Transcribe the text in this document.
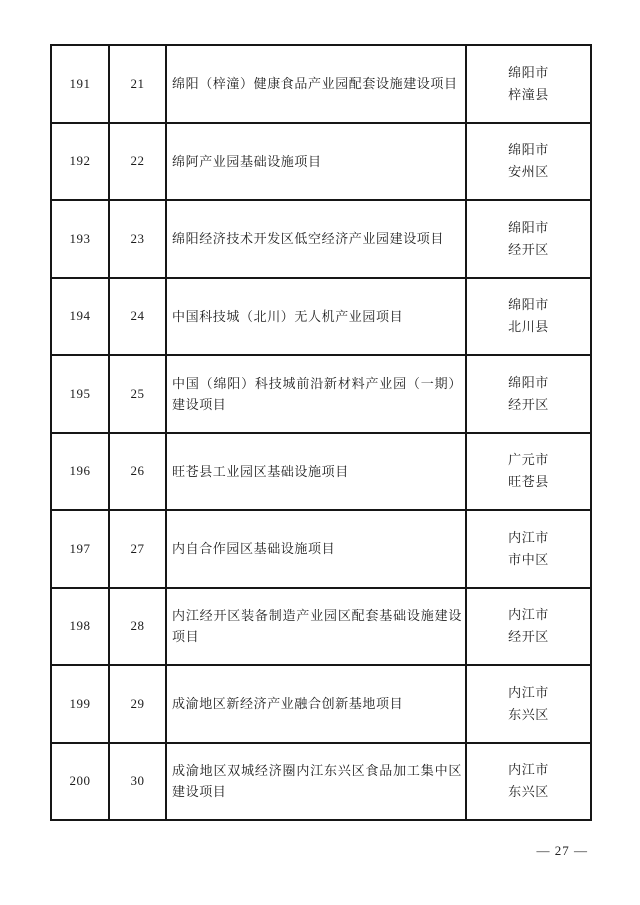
191	21	绵阳（梓潼）健康食品产业园配套设施建设项目	绵阳市
梓潼县

192	22	绵阿产业园基础设施项目	绵阳市
安州区

193	23	绵阳经济技术开发区低空经济产业园建设项目	绵阳市
经开区

194	24	中国科技城（北川）无人机产业园项目	绵阳市
北川县

195	25	中国（绵阳）科技城前沿新材料产业园（一期）建设项目	绵阳市
经开区

196	26	旺苍县工业园区基础设施项目	广元市
旺苍县

197	27	内自合作园区基础设施项目	内江市
市中区

198	28	内江经开区装备制造产业园区配套基础设施建设项目	内江市
经开区

199	29	成渝地区新经济产业融合创新基地项目	内江市
东兴区

200	30	成渝地区双城经济圈内江东兴区食品加工集中区建设项目	内江市
东兴区
— 27 —
